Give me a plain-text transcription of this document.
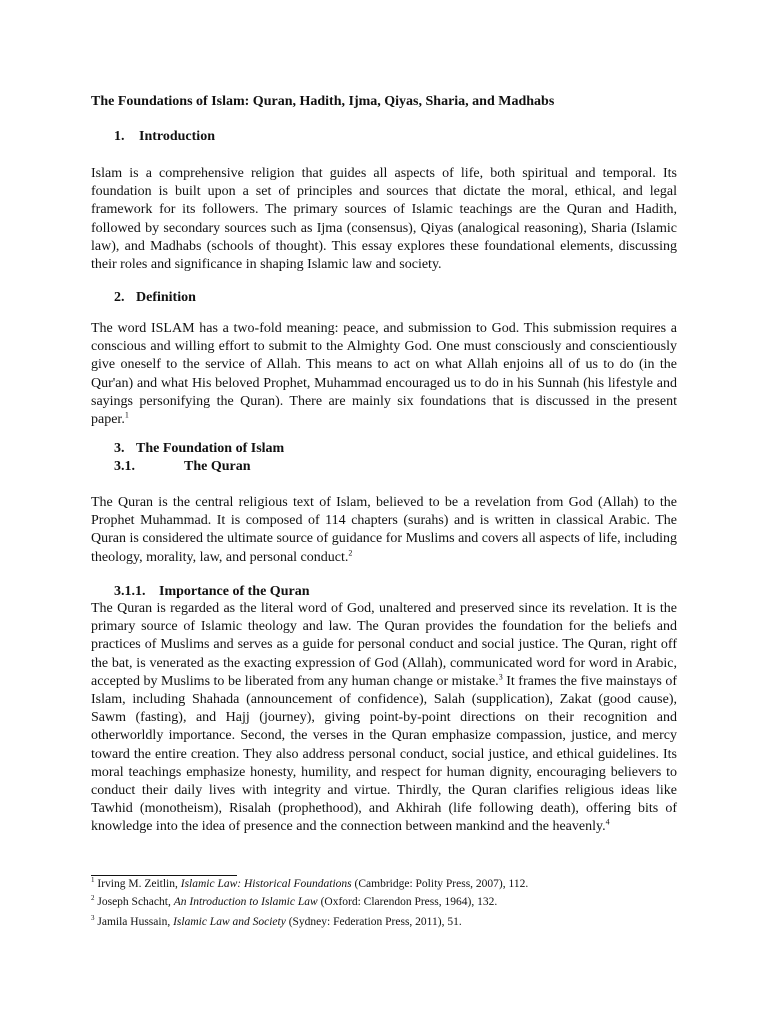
The Foundations of Islam: Quran, Hadith, Ijma, Qiyas, Sharia, and Madhabs

1. Introduction

Islam is a comprehensive religion that guides all aspects of life, both spiritual and temporal. Its foundation is built upon a set of principles and sources that dictate the moral, ethical, and legal framework for its followers. The primary sources of Islamic teachings are the Quran and Hadith, followed by secondary sources such as Ijma (consensus), Qiyas (analogical reasoning), Sharia (Islamic law), and Madhabs (schools of thought). This essay explores these foundational elements, discussing their roles and significance in shaping Islamic law and society.

2. Definition

The word ISLAM has a two-fold meaning: peace, and submission to God. This submission requires a conscious and willing effort to submit to the Almighty God. One must consciously and conscientiously give oneself to the service of Allah. This means to act on what Allah enjoins all of us to do (in the Qur'an) and what His beloved Prophet, Muhammad encouraged us to do in his Sunnah (his lifestyle and sayings personifying the Quran). There are mainly six foundations that is discussed in the present paper.$^1$

3. The Foundation of Islam

3.1.	The Quran

The Quran is the central religious text of Islam, believed to be a revelation from God (Allah) to the Prophet Muhammad. It is composed of 114 chapters (surahs) and is written in classical Arabic. The Quran is considered the ultimate source of guidance for Muslims and covers all aspects of life, including theology, morality, law, and personal conduct.$^2$

3.1.1. Importance of the Quran

The Quran is regarded as the literal word of God, unaltered and preserved since its revelation. It is the primary source of Islamic theology and law. The Quran provides the foundation for the beliefs and practices of Muslims and serves as a guide for personal conduct and social justice. The Quran, right off the bat, is venerated as the exacting expression of God (Allah), communicated word for word in Arabic, accepted by Muslims to be liberated from any human change or mistake.$^3$ It frames the five mainstays of Islam, including Shahada (announcement of confidence), Salah (supplication), Zakat (good cause), Sawm (fasting), and Hajj (journey), giving point-by-point directions on their recognition and otherworldly importance. Second, the verses in the Quran emphasize compassion, justice, and mercy toward the entire creation. They also address personal conduct, social justice, and ethical guidelines. Its moral teachings emphasize honesty, humility, and respect for human dignity, encouraging believers to conduct their daily lives with integrity and virtue. Thirdly, the Quran clarifies religious ideas like Tawhid (monotheism), Risalah (prophethood), and Akhirah (life following death), offering bits of knowledge into the idea of presence and the connection between mankind and the heavenly.$^4$

$^1$ Irving M. Zeitlin, Islamic Law: Historical Foundations (Cambridge: Polity Press, 2007), 112.

$^2$ Joseph Schacht, An Introduction to Islamic Law (Oxford: Clarendon Press, 1964), 132.

$^3$ Jamila Hussain, Islamic Law and Society (Sydney: Federation Press, 2011), 51.
